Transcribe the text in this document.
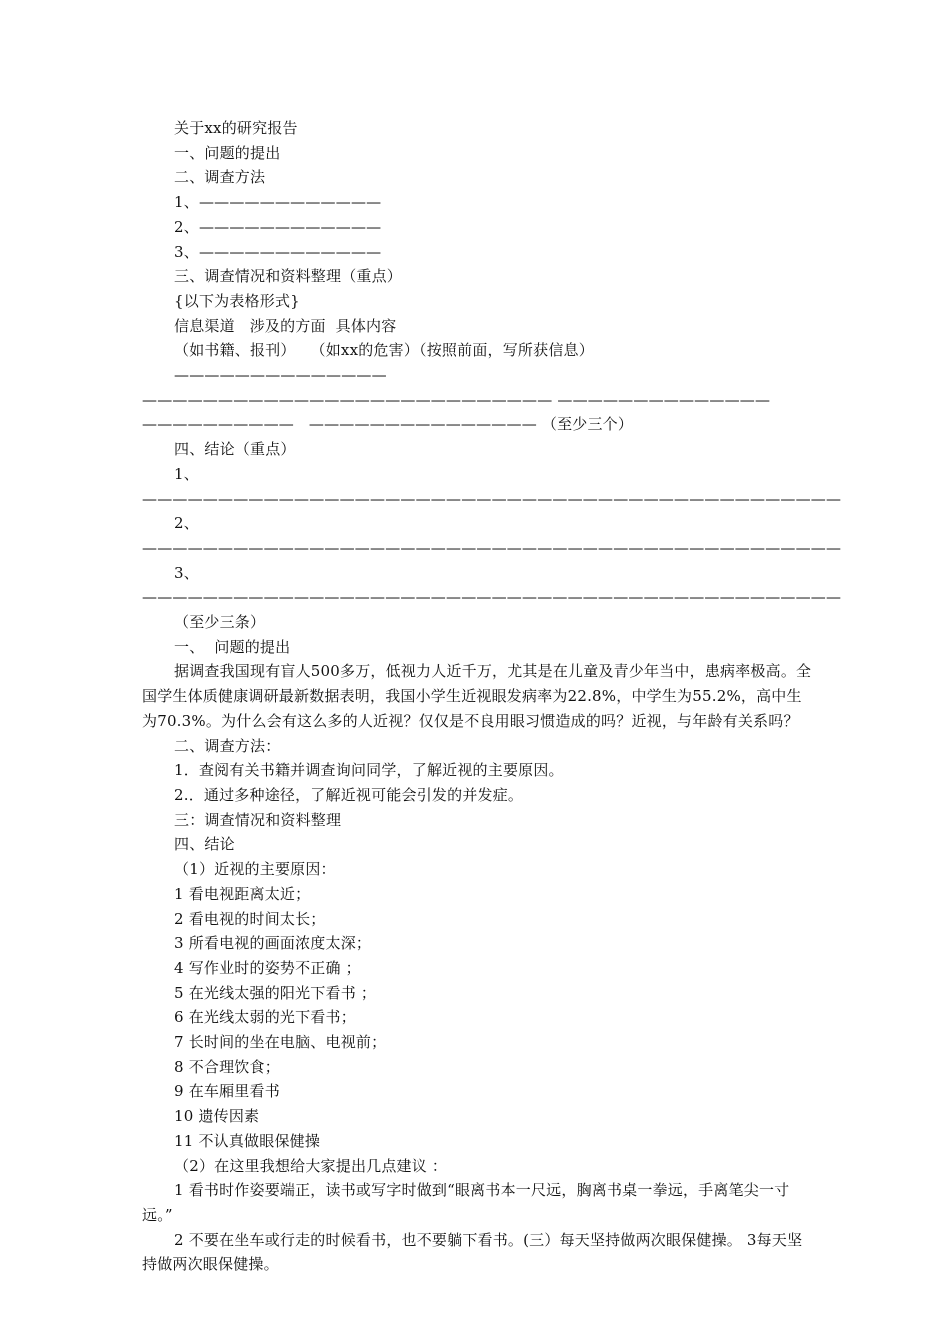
关于xx的研究报告

一、问题的提出

二、调查方法

1、————————————

2、————————————

3、————————————

三、调查情况和资料整理（重点）

{以下为表格形式}

信息渠道   涉及的方面  具体内容

（如书籍、报刊）   （如xx的危害）（按照前面，写所获信息）

——————————————   ——————————————————————————— —————————————— ——————————   ——————————————— （至少三个）

四、结论（重点）

1、——————————————————————————————————————————————

2、——————————————————————————————————————————————

3、——————————————————————————————————————————————

（至少三条）

一、  问题的提出

据调查我国现有盲人500多万，低视力人近千万，尤其是在儿童及青少年当中，患病率极高。全国学生体质健康调研最新数据表明，我国小学生近视眼发病率为22.8%，中学生为55.2%，高中生为70.3%。为什么会有这么多的人近视？仅仅是不良用眼习惯造成的吗？近视，与年龄有关系吗？

二、调查方法：

1．查阅有关书籍并调查询问同学，了解近视的主要原因。

2.．通过多种途径，了解近视可能会引发的并发症。

三：调查情况和资料整理

四、结论

（1）近视的主要原因：

1 看电视距离太近；

2 看电视的时间太长；

3 所看电视的画面浓度太深；

4 写作业时的姿势不正确 ；

5 在光线太强的阳光下看书 ；

6 在光线太弱的光下看书；

7 长时间的坐在电脑、电视前；

8 不合理饮食；

9 在车厢里看书

10 遗传因素

11 不认真做眼保健操

（2）在这里我想给大家提出几点建议 ：

1 看书时作姿要端正，读书或写字时做到“眼离书本一尺远，胸离书桌一拳远，手离笔尖一寸远。”

2 不要在坐车或行走的时候看书，也不要躺下看书。(三）每天坚持做两次眼保健操。 3每天坚持做两次眼保健操。
